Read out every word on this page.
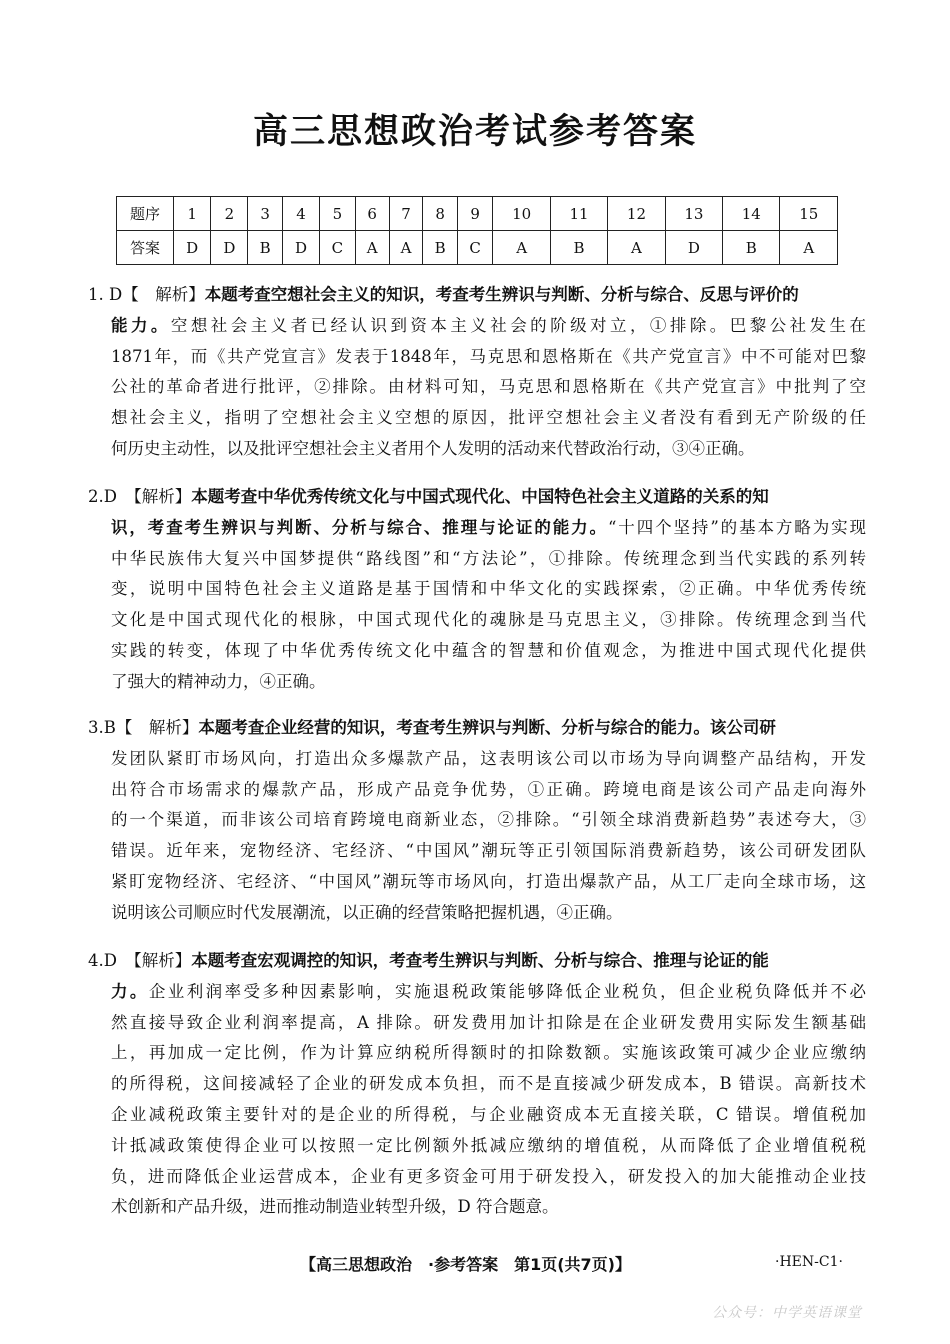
高三思想政治考试参考答案
题序	1	2	3	4	5	6	7	8	9	10	11	12	13	14	15
答案	D	D	B	D	C	A	A	B	C	A	B	A	D	B	A
1. D【　解析】本题考查空想社会主义的知识，考查考生辨识与判断、分析与综合、反思与评价的
能力。空想社会主义者已经认识到资本主义社会的阶级对立，①排除。巴黎公社发生在
1871年，而《共产党宣言》发表于1848年，马克思和恩格斯在《共产党宣言》中不可能对巴黎
公社的革命者进行批评，②排除。由材料可知，马克思和恩格斯在《共产党宣言》中批判了空
想社会主义，指明了空想社会主义空想的原因，批评空想社会主义者没有看到无产阶级的任
何历史主动性，以及批评空想社会主义者用个人发明的活动来代替政治行动，③④正确。
2.D　【解析】本题考查中华优秀传统文化与中国式现代化、中国特色社会主义道路的关系的知
识，考查考生辨识与判断、分析与综合、推理与论证的能力。“十四个坚持”的基本方略为实现
中华民族伟大复兴中国梦提供“路线图”和“方法论”，①排除。传统理念到当代实践的系列转
变，说明中国特色社会主义道路是基于国情和中华文化的实践探索，②正确。中华优秀传统
文化是中国式现代化的根脉，中国式现代化的魂脉是马克思主义，③排除。传统理念到当代
实践的转变，体现了中华优秀传统文化中蕴含的智慧和价值观念，为推进中国式现代化提供
了强大的精神动力，④正确。
3.B【　解析】本题考查企业经营的知识，考查考生辨识与判断、分析与综合的能力。该公司研
发团队紧盯市场风向，打造出众多爆款产品，这表明该公司以市场为导向调整产品结构，开发
出符合市场需求的爆款产品，形成产品竞争优势，①正确。跨境电商是该公司产品走向海外
的一个渠道，而非该公司培育跨境电商新业态，②排除。“引领全球消费新趋势”表述夸大，③
错误。近年来，宠物经济、宅经济、“中国风”潮玩等正引领国际消费新趋势，该公司研发团队
紧盯宠物经济、宅经济、“中国风”潮玩等市场风向，打造出爆款产品，从工厂走向全球市场，这
说明该公司顺应时代发展潮流，以正确的经营策略把握机遇，④正确。
4.D　【解析】本题考查宏观调控的知识，考查考生辨识与判断、分析与综合、推理与论证的能
力。企业利润率受多种因素影响，实施退税政策能够降低企业税负，但企业税负降低并不必
然直接导致企业利润率提高，A 排除。研发费用加计扣除是在企业研发费用实际发生额基础
上，再加成一定比例，作为计算应纳税所得额时的扣除数额。实施该政策可减少企业应缴纳
的所得税，这间接减轻了企业的研发成本负担，而不是直接减少研发成本，B 错误。高新技术
企业减税政策主要针对的是企业的所得税，与企业融资成本无直接关联，C 错误。增值税加
计抵减政策使得企业可以按照一定比例额外抵减应缴纳的增值税，从而降低了企业增值税税
负，进而降低企业运营成本，企业有更多资金可用于研发投入，研发投入的加大能推动企业技
术创新和产品升级，进而推动制造业转型升级，D 符合题意。
【高三思想政治　·参考答案　第1页(共7页)】	·HEN-C1·
公众号：中学英语课堂
